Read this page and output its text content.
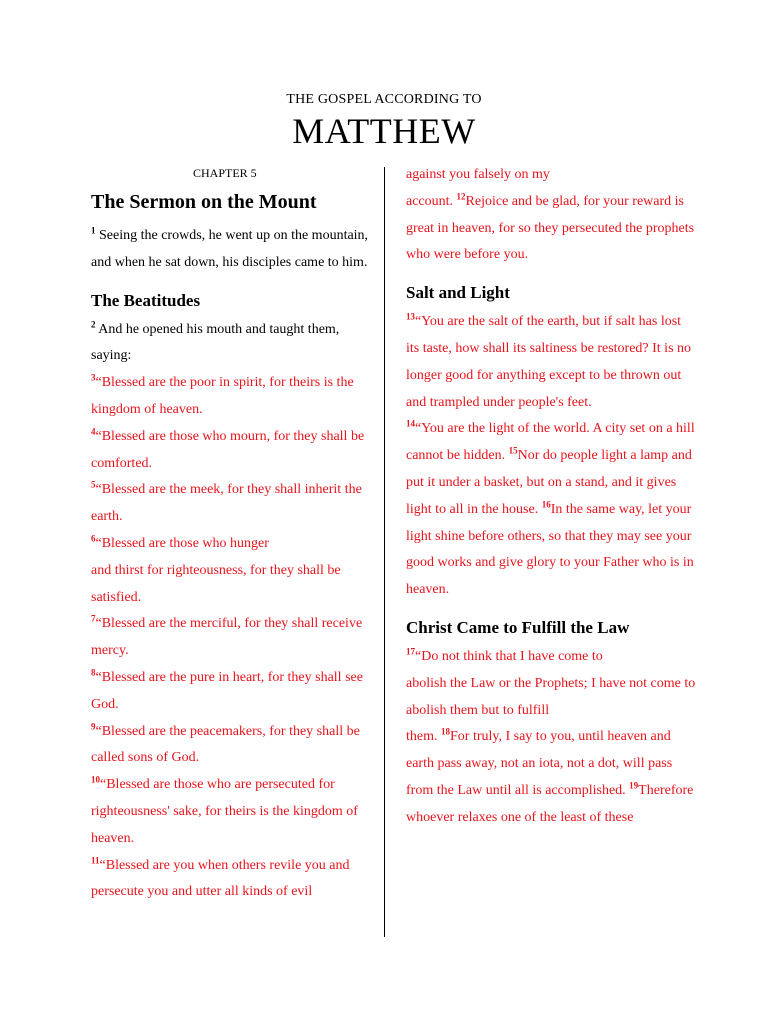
THE GOSPEL ACCORDING TO
MATTHEW
CHAPTER 5
The Sermon on the Mount

$^1$ Seeing the crowds, he went up on the mountain, and when he sat down, his disciples came to him.

The Beatitudes

$^2$ And he opened his mouth and taught them, saying:

$^3$“Blessed are the poor in spirit, for theirs is the kingdom of heaven.

$^4$“Blessed are those who mourn, for they shall be comforted.

$^5$“Blessed are the meek, for they shall inherit the earth.

$^6$“Blessed are those who hunger
and thirst for righteousness, for they shall be satisfied.

$^7$“Blessed are the merciful, for they shall receive mercy.

$^8$“Blessed are the pure in heart, for they shall see God.

$^9$“Blessed are the peacemakers, for they shall be called sons of God.

$^{10}$“Blessed are those who are persecuted for righteousness' sake, for theirs is the kingdom of heaven.

$^{11}$“Blessed are you when others revile you and persecute you and utter all kinds of evil

against you falsely on my
account. $^{12}$Rejoice and be glad, for your reward is great in heaven, for so they persecuted the prophets who were before you.

Salt and Light

$^{13}$“You are the salt of the earth, but if salt has lost its taste, how shall its saltiness be restored? It is no longer good for anything except to be thrown out and trampled under people's feet.

$^{14}$“You are the light of the world. A city set on a hill cannot be hidden. $^{15}$Nor do people light a lamp and put it under a basket, but on a stand, and it gives light to all in the house. $^{16}$In the same way, let your light shine before others, so that they may see your good works and give glory to your Father who is in heaven.

Christ Came to Fulfill the Law

$^{17}$“Do not think that I have come to
abolish the Law or the Prophets; I have not come to abolish them but to fulfill
them. $^{18}$For truly, I say to you, until heaven and earth pass away, not an iota, not a dot, will pass from the Law until all is accomplished. $^{19}$Therefore whoever relaxes one of the least of these
